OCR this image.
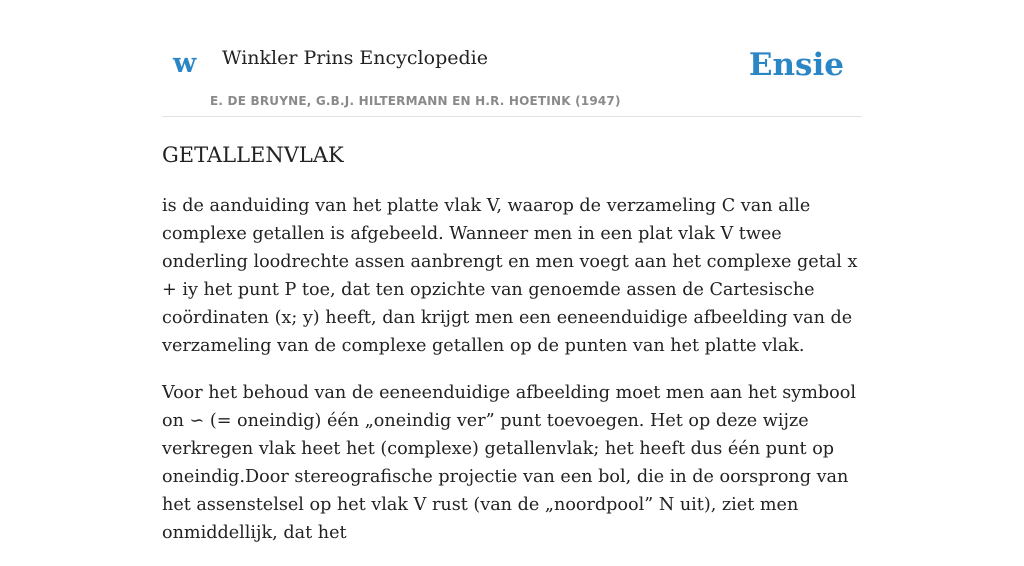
w Winkler Prins Encyclopedie
E. DE BRUYNE, G.B.J. HILTERMANN EN H.R. HOETINK (1947)
Ensie
GETALLENVLAK

is de aanduiding van het platte vlak V, waarop de verzameling C van alle complexe getallen is afgebeeld. Wanneer men in een plat vlak V twee onderling loodrechte assen aanbrengt en men voegt aan het complexe getal x + iy het punt P toe, dat ten opzichte van genoemde assen de Cartesische coördinaten (x; y) heeft, dan krijgt men een eeneenduidige afbeelding van de verzameling van de complexe getallen op de punten van het platte vlak.

Voor het behoud van de eeneenduidige afbeelding moet men aan het symbool on ∽ (= oneindig) één „oneindig ver” punt toevoegen. Het op deze wijze verkregen vlak heet het (complexe) getallenvlak; het heeft dus één punt op oneindig.Door stereografische projectie van een bol, die in de oorsprong van het assenstelsel op het vlak V rust (van de „noordpool” N uit), ziet men onmiddellijk, dat het
